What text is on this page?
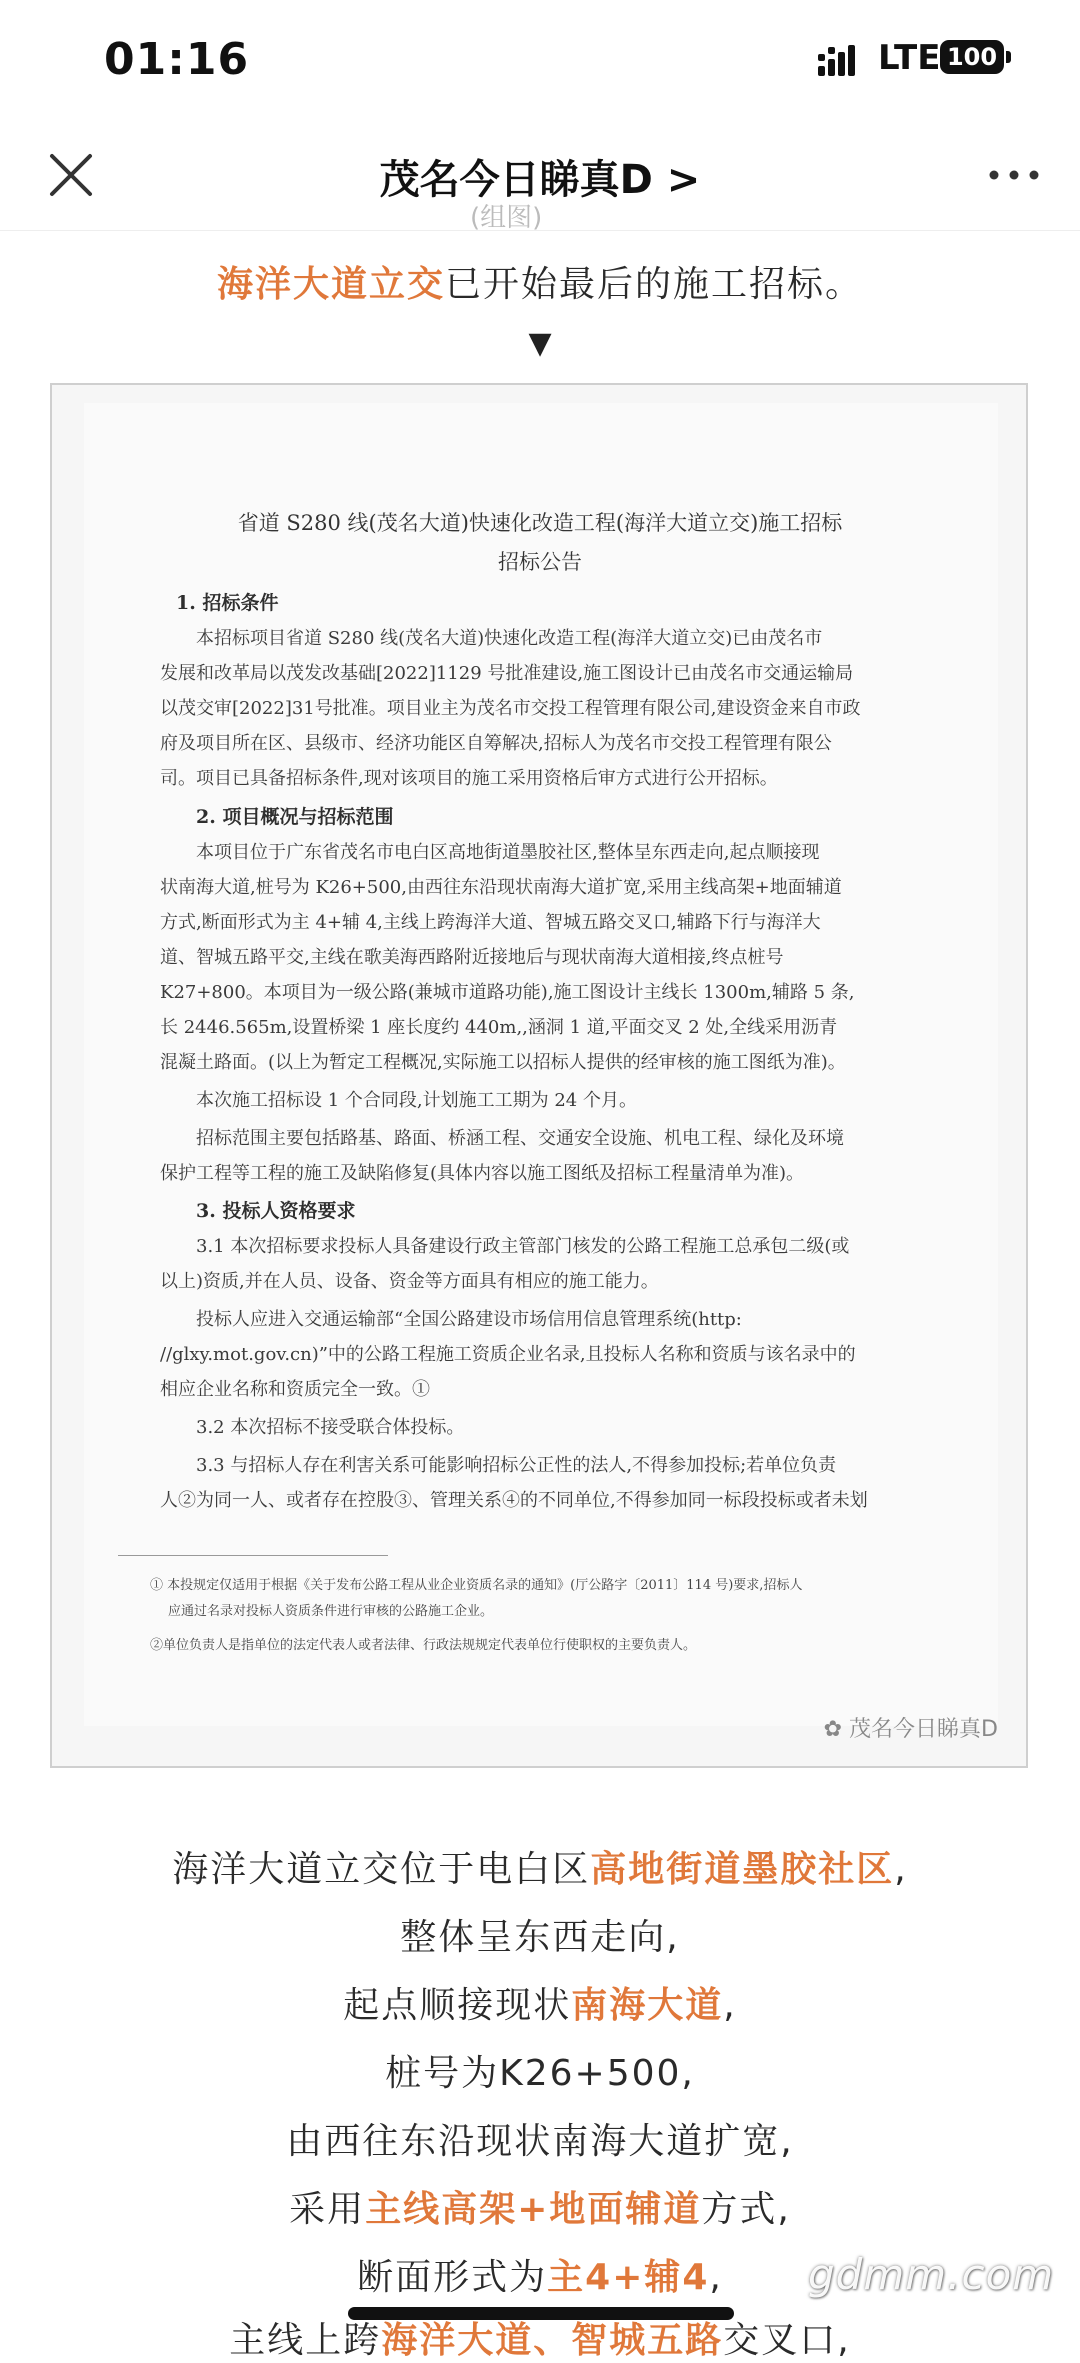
01:16	LTE 100
茂名今日睇真D >
(组图)
海洋大道立交已开始最后的施工招标。
▼
省道 S280 线(茂名大道)快速化改造工程(海洋大道立交)施工招标
招标公告
1. 招标条件
本招标项目省道 S280 线(茂名大道)快速化改造工程(海洋大道立交)已由茂名市
发展和改革局以茂发改基础[2022]1129 号批准建设,施工图设计已由茂名市交通运输局
以茂交审[2022]31号批准。项目业主为茂名市交投工程管理有限公司,建设资金来自市政
府及项目所在区、县级市、经济功能区自筹解决,招标人为茂名市交投工程管理有限公
司。项目已具备招标条件,现对该项目的施工采用资格后审方式进行公开招标。
2. 项目概况与招标范围
本项目位于广东省茂名市电白区高地街道墨胶社区,整体呈东西走向,起点顺接现
状南海大道,桩号为 K26+500,由西往东沿现状南海大道扩宽,采用主线高架+地面辅道
方式,断面形式为主 4+辅 4,主线上跨海洋大道、智城五路交叉口,辅路下行与海洋大
道、智城五路平交,主线在歌美海西路附近接地后与现状南海大道相接,终点桩号
K27+800。本项目为一级公路(兼城市道路功能),施工图设计主线长 1300m,辅路 5 条,
长 2446.565m,设置桥梁 1 座长度约 440m,,涵洞 1 道,平面交叉 2 处,全线采用沥青
混凝土路面。(以上为暂定工程概况,实际施工以招标人提供的经审核的施工图纸为准)。
本次施工招标设 1 个合同段,计划施工工期为 24 个月。
招标范围主要包括路基、路面、桥涵工程、交通安全设施、机电工程、绿化及环境
保护工程等工程的施工及缺陷修复(具体内容以施工图纸及招标工程量清单为准)。
3. 投标人资格要求
3.1 本次招标要求投标人具备建设行政主管部门核发的公路工程施工总承包二级(或
以上)资质,并在人员、设备、资金等方面具有相应的施工能力。
投标人应进入交通运输部“全国公路建设市场信用信息管理系统(http:
//glxy.mot.gov.cn)”中的公路工程施工资质企业名录,且投标人名称和资质与该名录中的
相应企业名称和资质完全一致。①
3.2 本次招标不接受联合体投标。
3.3 与招标人存在利害关系可能影响招标公正性的法人,不得参加投标;若单位负责
人②为同一人、或者存在控股③、管理关系④的不同单位,不得参加同一标段投标或者未划
① 本投规定仅适用于根据《关于发布公路工程从业企业资质名录的通知》(厅公路字〔2011〕114 号)要求,招标人
应通过名录对投标人资质条件进行审核的公路施工企业。
②单位负责人是指单位的法定代表人或者法律、行政法规规定代表单位行使职权的主要负责人。
✿ 茂名今日睇真D
海洋大道立交位于电白区高地街道墨胶社区,
整体呈东西走向,
起点顺接现状南海大道,
桩号为K26+500,
由西往东沿现状南海大道扩宽,
采用主线高架+地面辅道方式,
断面形式为主4+辅4,
主线上跨海洋大道、智城五路交叉口,
gdmm.com
